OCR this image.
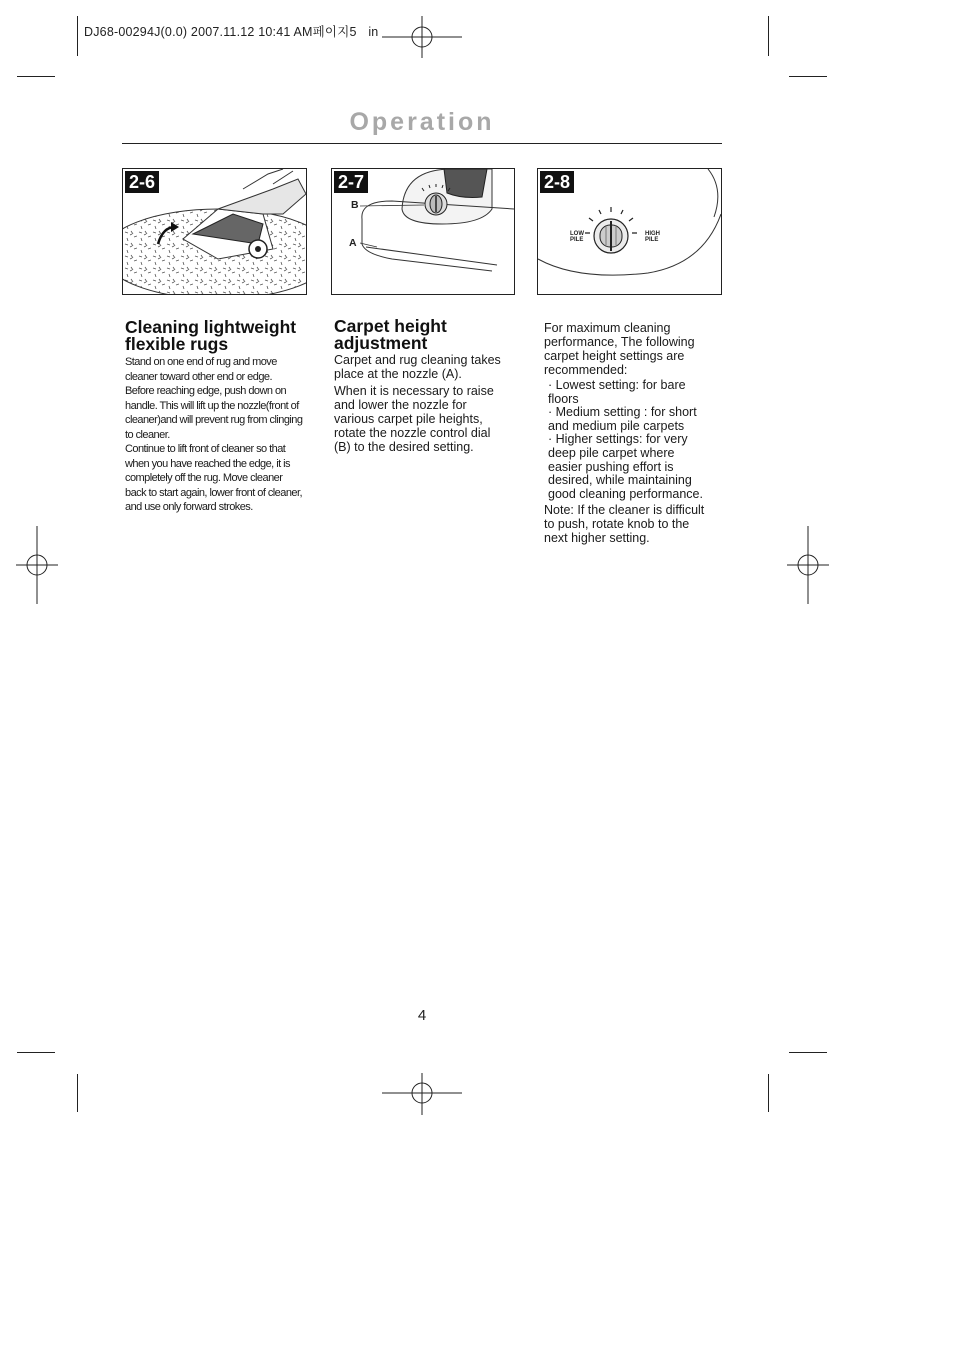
DJ68-00294J(0.0) 2007.11.12 10:41 AM페이지5 in
Operation
2-6	2-7
B
A
2-8
LOW
PILE
HIGH
PILE
Cleaning lightweight
flexible rugs

Stand on one end of rug and move

cleaner toward other end or edge.

Before reaching edge, push down on

handle. This will lift up the nozzle(front of

cleaner)and will prevent rug from clinging

to cleaner.

Continue to lift front of cleaner so that

when you have reached the edge, it is

completely off the rug. Move cleaner

back to start again, lower front of cleaner,

and use only forward strokes.

Carpet height
adjustment

Carpet and rug cleaning takes

place at the nozzle (A).

When it is necessary to raise

and lower the nozzle for

various carpet pile heights,

rotate the nozzle control dial

(B) to the desired setting.

For maximum cleaning

performance, The following

carpet height settings are

recommended:

· Lowest setting: for bare

floors

· Medium setting : for short

and medium pile carpets

· Higher settings: for very

deep pile carpet where

easier pushing effort is

desired, while maintaining

good cleaning performance.

Note: If the cleaner is difficult

to push, rotate knob to the

next higher setting.

4
